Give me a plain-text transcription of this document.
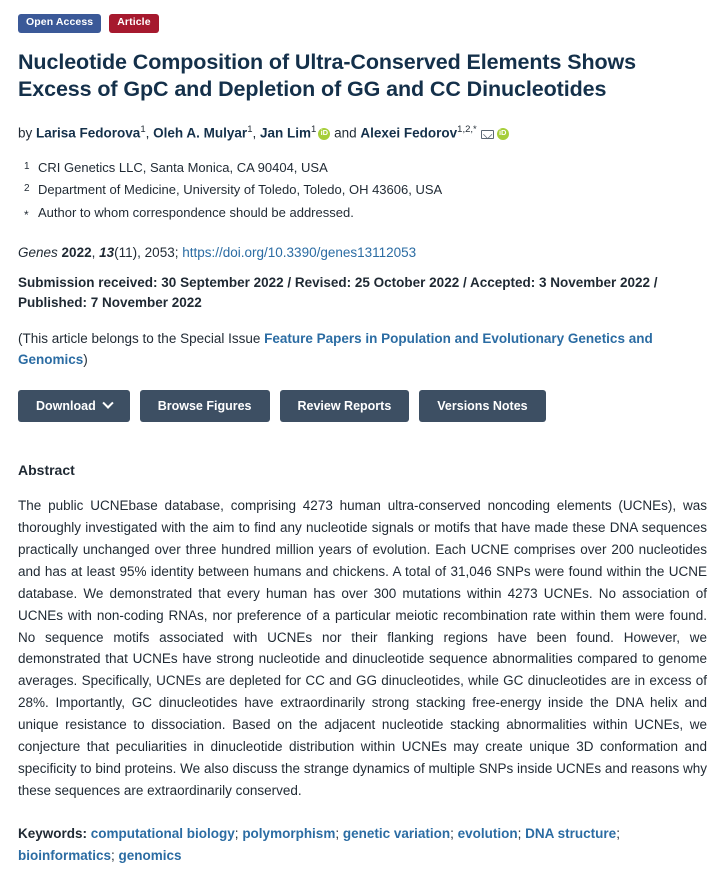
Open Access	Article
Nucleotide Composition of Ultra-Conserved Elements Shows Excess of GpC and Depletion of GG and CC Dinucleotides
by Larisa Fedorova$^1$, Oleh A. Mulyar$^1$, Jan Lim$^1$ iD and Alexei Fedorov$^{1,2,*}$iD
1 CRI Genetics LLC, Santa Monica, CA 90404, USA
2 Department of Medicine, University of Toledo, Toledo, OH 43606, USA
* Author to whom correspondence should be addressed.
Genes 2022, 13(11), 2053; https://doi.org/10.3390/genes13112053
Submission received: 30 September 2022 / Revised: 25 October 2022 / Accepted: 3 November 2022 / Published: 7 November 2022
(This article belongs to the Special Issue Feature Papers in Population and Evolutionary Genetics and Genomics)
Download	Browse Figures	Review Reports	Versions Notes
Abstract

The public UCNEbase database, comprising 4273 human ultra-conserved noncoding elements (UCNEs), was thoroughly investigated with the aim to find any nucleotide signals or motifs that have made these DNA sequences practically unchanged over three hundred million years of evolution. Each UCNE comprises over 200 nucleotides and has at least 95% identity between humans and chickens. A total of 31,046 SNPs were found within the UCNE database. We demonstrated that every human has over 300 mutations within 4273 UCNEs. No association of UCNEs with non-coding RNAs, nor preference of a particular meiotic recombination rate within them were found. No sequence motifs associated with UCNEs nor their flanking regions have been found. However, we demonstrated that UCNEs have strong nucleotide and dinucleotide sequence abnormalities compared to genome averages. Specifically, UCNEs are depleted for CC and GG dinucleotides, while GC dinucleotides are in excess of 28%. Importantly, GC dinucleotides have extraordinarily strong stacking free-energy inside the DNA helix and unique resistance to dissociation. Based on the adjacent nucleotide stacking abnormalities within UCNEs, we conjecture that peculiarities in dinucleotide distribution within UCNEs may create unique 3D conformation and specificity to bind proteins. We also discuss the strange dynamics of multiple SNPs inside UCNEs and reasons why these sequences are extraordinarily conserved.

Keywords: computational biology; polymorphism; genetic variation; evolution; DNA structure; bioinformatics; genomics
